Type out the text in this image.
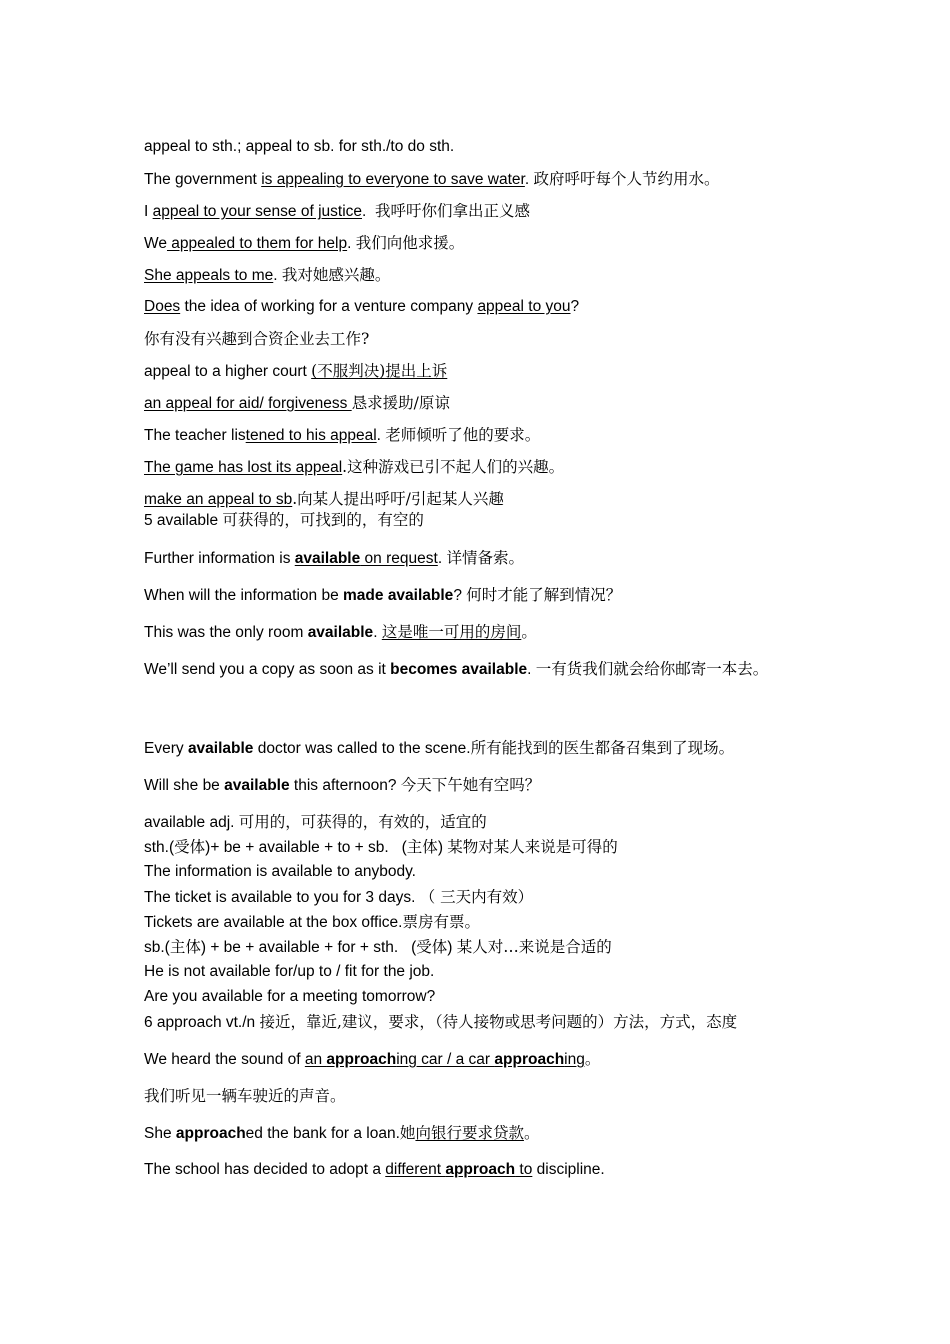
appeal to sth.; appeal to sb. for sth./to do sth.
The government is appealing to everyone to save water. 政府呼吁每个人节约用水。
I appeal to your sense of justice.  我呼吁你们拿出正义感
We appealed to them for help. 我们向他求援。
She appeals to me. 我对她感兴趣。
Does the idea of working for a venture company appeal to you?
你有没有兴趣到合资企业去工作?
appeal to a higher court (不服判决)提出上诉
an appeal for aid/ forgiveness 恳求援助/原谅
The teacher listened to his appeal. 老师倾听了他的要求。
The game has lost its appeal.这种游戏已引不起人们的兴趣。
make an appeal to sb.向某人提出呼吁/引起某人兴趣
5 available 可获得的，可找到的，有空的
Further information is available on request. 详情备索。
When will the information be made available? 何时才能了解到情况？
This was the only room available. 这是唯一可用的房间。
We’ll send you a copy as soon as it becomes available. 一有货我们就会给你邮寄一本去。
Every available doctor was called to the scene.所有能找到的医生都备召集到了现场。
Will she be available this afternoon? 今天下午她有空吗？
available adj. 可用的，可获得的，有效的，适宜的
sth.(受体)+ be + available + to + sb.   (主体) 某物对某人来说是可得的
The information is available to anybody.
The ticket is available to you for 3 days. （ 三天内有效）
Tickets are available at the box office.票房有票。
sb.(主体) + be + available + for + sth.   (受体) 某人对…来说是合适的
He is not available for/up to / fit for the job.
Are you available for a meeting tomorrow?
6 approach vt./n 接近，靠近,建议，要求，（待人接物或思考问题的）方法，方式，态度
We heard the sound of an approaching car / a car approaching。
我们听见一辆车驶近的声音。
She approached the bank for a loan.她向银行要求贷款。
The school has decided to adopt a different approach to discipline.
